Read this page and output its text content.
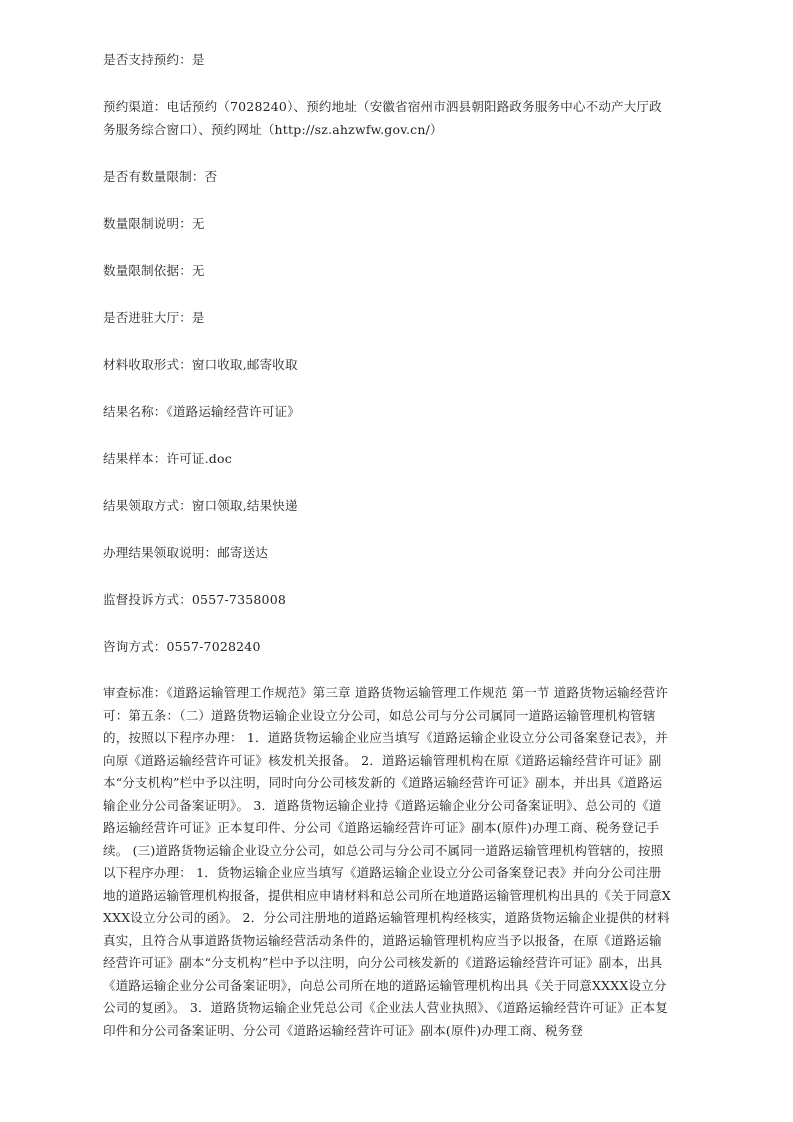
是否支持预约：是

预约渠道：电话预约（7028240）、预约地址（安徽省宿州市泗县朝阳路政务服务中心不动产大厅政务服务综合窗口）、预约网址（http://sz.ahzwfw.gov.cn/）

是否有数量限制：否

数量限制说明：无

数量限制依据：无

是否进驻大厅：是

材料收取形式：窗口收取,邮寄收取

结果名称：《道路运输经营许可证》

结果样本：许可证.doc

结果领取方式：窗口领取,结果快递

办理结果领取说明：邮寄送达

监督投诉方式：0557-7358008

咨询方式：0557-7028240

审查标准：《道路运输管理工作规范》第三章 道路货物运输管理工作规范 第一节 道路货物运输经营许可：第五条：（二）道路货物运输企业设立分公司，如总公司与分公司属同一道路运输管理机构管辖的，按照以下程序办理： 1．道路货物运输企业应当填写《道路运输企业设立分公司备案登记表》，并向原《道路运输经营许可证》核发机关报备。 2．道路运输管理机构在原《道路运输经营许可证》副本“分支机构”栏中予以注明，同时向分公司核发新的《道路运输经营许可证》副本，并出具《道路运输企业分公司备案证明》。 3．道路货物运输企业持《道路运输企业分公司备案证明》、总公司的《道路运输经营许可证》正本复印件、分公司《道路运输经营许可证》副本(原件)办理工商、税务登记手续。 (三)道路货物运输企业设立分公司，如总公司与分公司不属同一道路运输管理机构管辖的，按照以下程序办理： 1．货物运输企业应当填写《道路运输企业设立分公司备案登记表》并向分公司注册地的道路运输管理机构报备，提供相应申请材料和总公司所在地道路运输管理机构出具的《关于同意XXXX设立分公司的函》。 2．分公司注册地的道路运输管理机构经核实，道路货物运输企业提供的材料真实，且符合从事道路货物运输经营活动条件的，道路运输管理机构应当予以报备，在原《道路运输经营许可证》副本“分支机构”栏中予以注明，向分公司核发新的《道路运输经营许可证》副本，出具《道路运输企业分公司备案证明》，向总公司所在地的道路运输管理机构出具《关于同意XXXX设立分公司的复函》。 3．道路货物运输企业凭总公司《企业法人营业执照》、《道路运输经营许可证》正本复印件和分公司备案证明、分公司《道路运输经营许可证》副本(原件)办理工商、税务登
